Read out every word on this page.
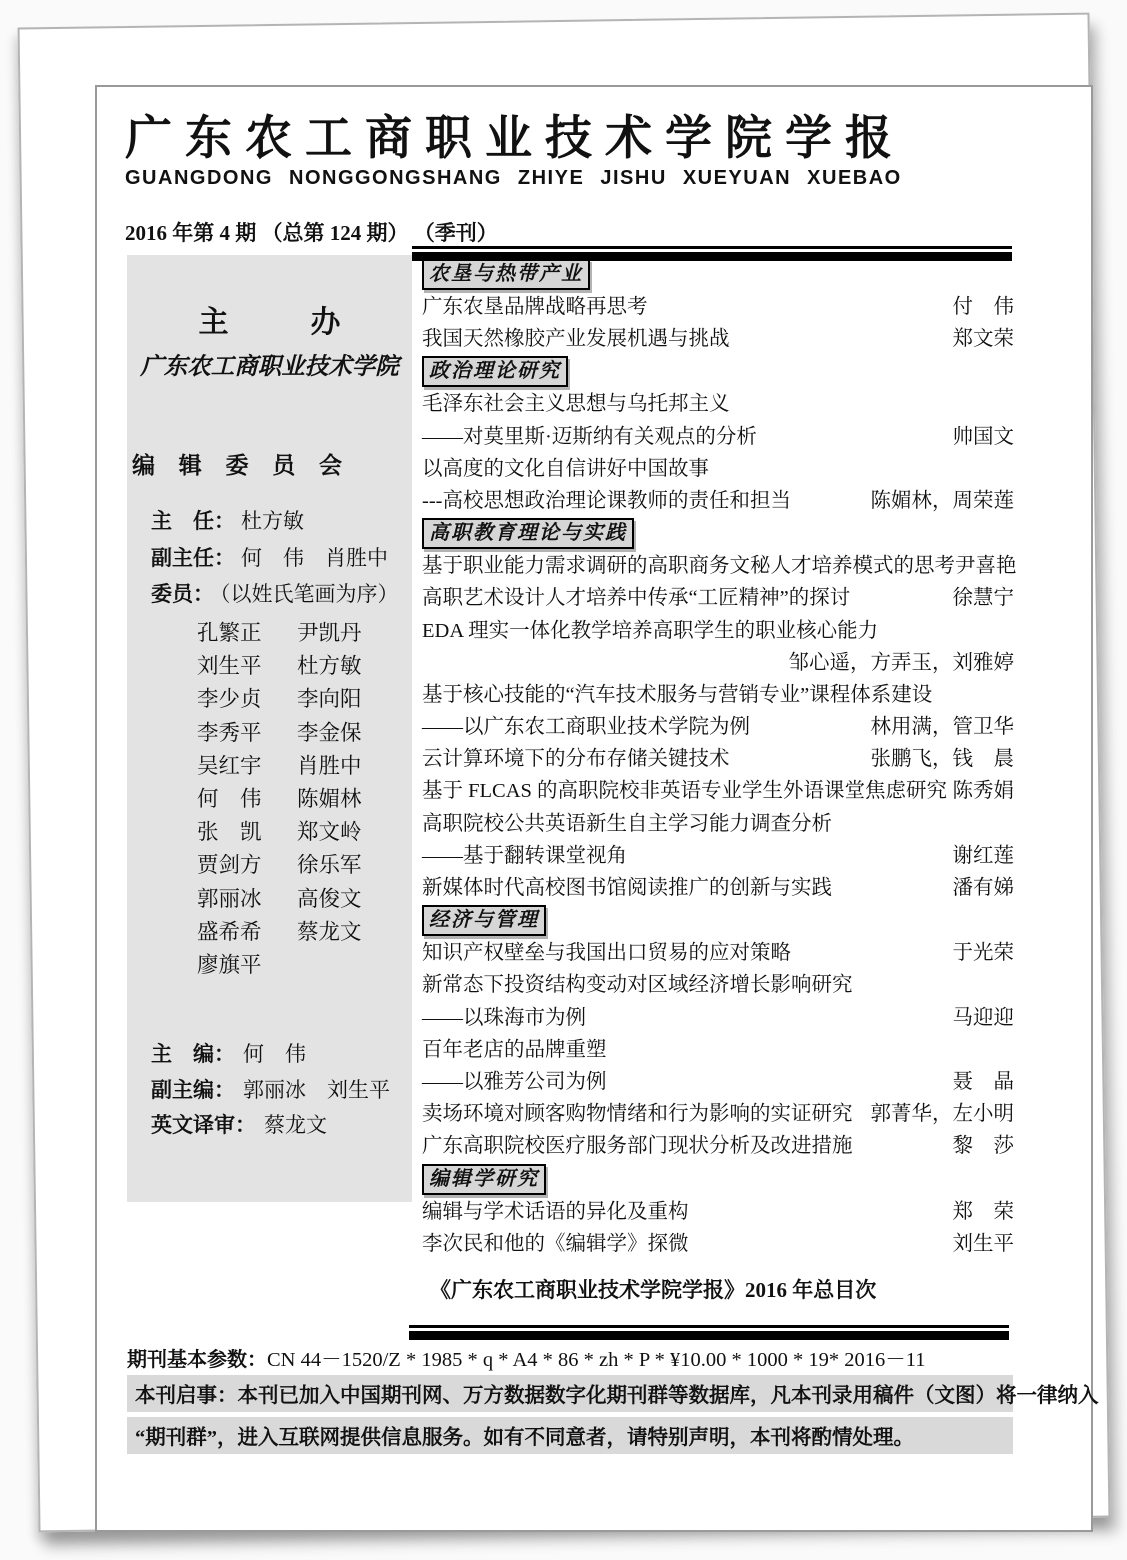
广东农工商职业技术学院学报
GUANGDONG NONGGONGSHANG ZHIYE JISHU XUEYUAN XUEBAO
2016 年第 4 期 （总第 124 期） （季刊）
主　办
广东农工商职业技术学院
编 辑 委 员 会
主　任： 杜方敏
副主任： 何　伟　肖胜中
委员： （以姓氏笔画为序）
孔繁正 尹凯丹
刘生平 杜方敏
李少贞 李向阳
李秀平 李金保
吴红宇 肖胜中
何　伟 陈媚林
张　凯 郑文岭
贾剑方 徐乐军
郭丽冰 高俊文
盛希希 蔡龙文
廖旗平
主　编： 何　伟
副主编： 郭丽冰　刘生平
英文译审： 蔡龙文
农垦与热带产业
广东农垦品牌战略再思考	付　伟
我国天然橡胶产业发展机遇与挑战	郑文荣
政治理论研究
毛泽东社会主义思想与乌托邦主义
——对莫里斯·迈斯纳有关观点的分析	帅国文
以高度的文化自信讲好中国故事
---高校思想政治理论课教师的责任和担当	陈媚林，周荣莲
高职教育理论与实践
基于职业能力需求调研的高职商务文秘人才培养模式的思考 尹喜艳
高职艺术设计人才培养中传承“工匠精神”的探讨	徐慧宁
EDA 理实一体化教学培养高职学生的职业核心能力
邹心遥，方弄玉，刘雅婷
基于核心技能的“汽车技术服务与营销专业”课程体系建设
——以广东农工商职业技术学院为例	林用满，管卫华
云计算环境下的分布存储关键技术	张鹏飞，钱　晨
基于 FLCAS 的高职院校非英语专业学生外语课堂焦虑研究 陈秀娟
高职院校公共英语新生自主学习能力调查分析
——基于翻转课堂视角	谢红莲
新媒体时代高校图书馆阅读推广的创新与实践	潘有娣
经济与管理
知识产权壁垒与我国出口贸易的应对策略	于光荣
新常态下投资结构变动对区域经济增长影响研究
——以珠海市为例	马迎迎
百年老店的品牌重塑
——以雅芳公司为例	聂　晶
卖场环境对顾客购物情绪和行为影响的实证研究 郭菁华，左小明
广东高职院校医疗服务部门现状分析及改进措施	黎　莎
编辑学研究
编辑与学术话语的异化及重构	郑　荣
李次民和他的《编辑学》探微	刘生平
《广东农工商职业技术学院学报》2016 年总目次
期刊基本参数：CN 44－1520/Z * 1985 * q * A4 * 86 * zh * P * ¥10.00 * 1000 * 19* 2016－11
本刊启事：本刊已加入中国期刊网、万方数据数字化期刊群等数据库，凡本刊录用稿件（文图）将一律纳入
“期刊群”，进入互联网提供信息服务。如有不同意者，请特别声明，本刊将酌情处理。
